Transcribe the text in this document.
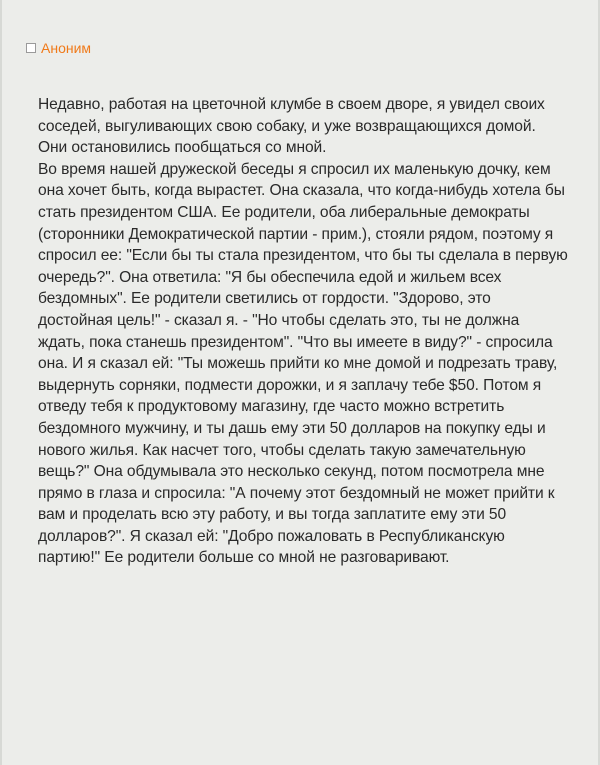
Аноним

Недавно, работая на цветочной клумбе в своем дворе, я увидел своих соседей, выгуливающих свою собаку, и уже возвращающихся домой. Они остановились пообщаться со мной.

Во время нашей дружеской беседы я спросил их маленькую дочку, кем она хочет быть, когда вырастет. Она сказала, что когда-нибудь хотела бы стать президентом США. Ее родители, оба либеральные демократы (сторонники Демократической партии - прим.), стояли рядом, поэтому я спросил ее: "Если бы ты стала президентом, что бы ты сделала в первую очередь?". Она ответила: "Я бы обеспечила едой и жильем всех бездомных". Ее родители светились от гордости. "Здорово, это достойная цель!" - сказал я. - "Но чтобы сделать это, ты не должна ждать, пока станешь президентом". "Что вы имеете в виду?" - спросила она. И я сказал ей: "Ты можешь прийти ко мне домой и подрезать траву, выдернуть сорняки, подмести дорожки, и я заплачу тебе $50. Потом я отведу тебя к продуктовому магазину, где часто можно встретить бездомного мужчину, и ты дашь ему эти 50 долларов на покупку еды и нового жилья. Как насчет того, чтобы сделать такую замечательную вещь?" Она обдумывала это несколько секунд, потом посмотрела мне прямо в глаза и спросила: "А почему этот бездомный не может прийти к вам и проделать всю эту работу, и вы тогда заплатите ему эти 50 долларов?". Я сказал ей: "Добро пожаловать в Республиканскую партию!" Ее родители больше со мной не разговаривают.
